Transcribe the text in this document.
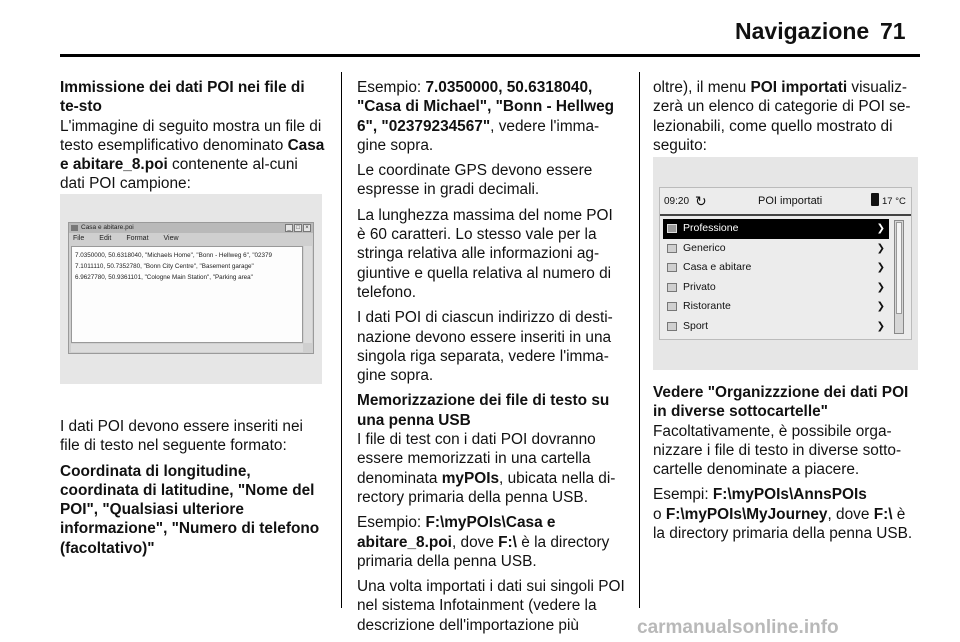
Navigazione 71

Immissione dei dati POI nei file di te-sto

L'immagine di seguito mostra un file di testo esemplificativo denominato Casa e abitare_8.poi contenente al-cuni dati POI campione:

Casa e abitare.poi	_ □ ×
File Edit Format View
7.0350000, 50.6318040, "Michaels Home", "Bonn - Hellweg 6", "02379
7.1011110, 50.7352780, "Bonn City Centre", "Basement garage"
6.9627780, 50.9361101, "Cologne Main Station", "Parking area"

I dati POI devono essere inseriti nei file di testo nel seguente formato:

Coordinata di longitudine, coordinata di latitudine, "Nome del POI", "Qualsiasi ulteriore informazione", "Numero di telefono (facoltativo)"

Esempio: 7.0350000, 50.6318040, "Casa di Michael", "Bonn - Hellweg 6", "02379234567", vedere l'imma-gine sopra.

Le coordinate GPS devono essere espresse in gradi decimali.

La lunghezza massima del nome POI è 60 caratteri. Lo stesso vale per la stringa relativa alle informazioni ag-giuntive e quella relativa al numero di telefono.

I dati POI di ciascun indirizzo di desti-nazione devono essere inseriti in una singola riga separata, vedere l'imma-gine sopra.

Memorizzazione dei file di testo su una penna USB

I file di test con i dati POI dovranno essere memorizzati in una cartella denominata myPOIs, ubicata nella di-rectory primaria della penna USB.

Esempio: F:\myPOIs\Casa e abitare_8.poi, dove F:\ è la directory primaria della penna USB.

Una volta importati i dati sui singoli POI nel sistema Infotainment (vedere la descrizione dell'importazione più

oltre), il menu POI importati visualiz-zerà un elenco di categorie di POI se-lezionabili, come quello mostrato di seguito:

09:20 ↻	POI importati	17 °C
Professione	❯
Generico	❯
Casa e abitare	❯
Privato	❯
Ristorante	❯
Sport	❯

Vedere "Organizzzione dei dati POI in diverse sottocartelle"

Facoltativamente, è possibile orga-nizzare i file di testo in diverse sotto-cartelle denominate a piacere.

Esempi: F:\myPOIs\AnnsPOIs
o F:\myPOIs\MyJourney, dove F:\ è la directory primaria della penna USB.

carmanualsonline.info
